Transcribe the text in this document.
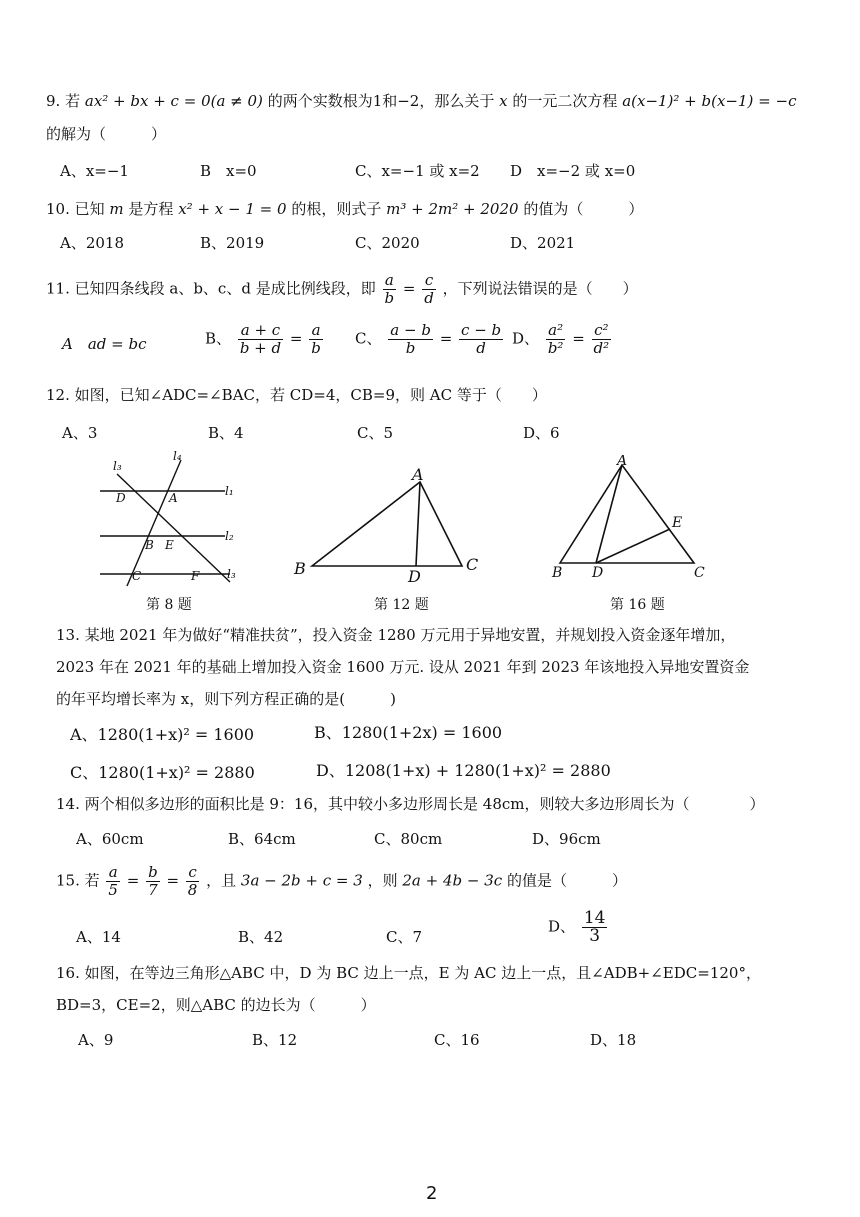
9. 若 ax² + bx + c = 0(a ≠ 0) 的两个实数根为1和−2，那么关于 x 的一元二次方程 a(x−1)² + b(x−1) = −c
的解为（　　　）
A、x=−1	B　x=0	C、x=−1 或 x=2 D　x=−2 或 x=0
10. 已知 m 是方程 x² + x − 1 = 0 的根，则式子 m³ + 2m² + 2020 的值为（　　　）
A、2018	B、2019	C、2020	D、2021
11. 已知四条线段 a、b、c、d 是成比例线段，即 $\frac{a}{b} = \frac{c}{d}$ ，下列说法错误的是（　　）
A　ad = bc	B、 $\frac{a + c}{b + d} = \frac{a}{b}$ C、 $\frac{a - b}{b} = \frac{c - b}{d}$ D、 $\frac{\text{a²}}{\text{b²}} = \frac{\text{c²}}{\text{d²}}$
12. 如图，已知∠ADC=∠BAC，若 CD=4，CB=9，则 AC 等于（　　）
A、3	B、4	C、5	D、6
l₃
l₄
D	A	l₁
B E
l₂
C	F l₃
第 8 题
A
B	D
C
第 12 题
A
E
B D	C
第 16 题
13. 某地 2021 年为做好“精准扶贫”，投入资金 1280 万元用于异地安置，并规划投入资金逐年增加，
2023 年在 2021 年的基础上增加投入资金 1600 万元. 设从 2021 年到 2023 年该地投入异地安置资金
的年平均增长率为 x，则下列方程正确的是(　　　)
A、1280(1+x)² = 1600	B、1280(1+2x) = 1600
C、1280(1+x)² = 2880	D、1208(1+x) + 1280(1+x)² = 2880
14. 两个相似多边形的面积比是 9：16，其中较小多边形周长是 48cm，则较大多边形周长为（　　　　）
A、60cm	B、64cm	C、80cm	D、96cm
15. 若 $\frac{a}{5} = \frac{b}{7} = \frac{c}{8}$ ，且 3a − 2b + c = 3 ，则 2a + 4b − 3c 的值是（　　　）
A、14	B、42	C、7
D、 $\frac{14}{3}$
16. 如图，在等边三角形△ABC 中，D 为 BC 边上一点，E 为 AC 边上一点，且∠ADB+∠EDC=120°，
BD=3，CE=2，则△ABC 的边长为（　　　）
A、9	B、12	C、16	D、18
2
